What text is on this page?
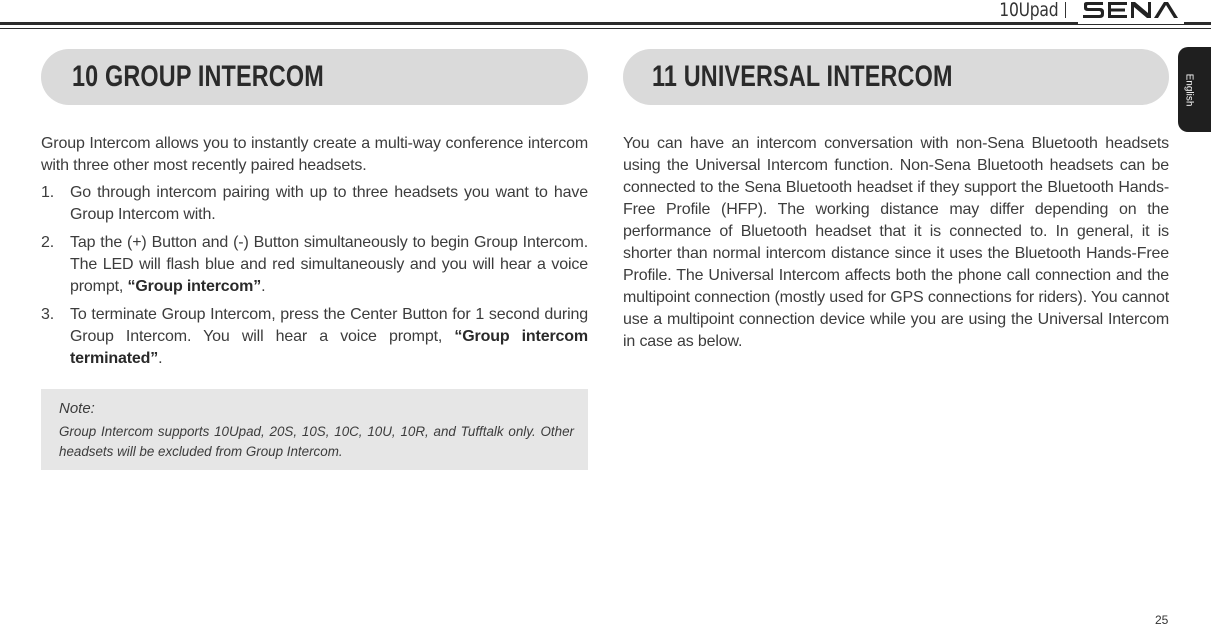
10Upad
English
10 GROUP INTERCOM

Group Intercom allows you to instantly create a multi-way conference intercom with three other most recently paired headsets.

1. Go through intercom pairing with up to three headsets you want to have Group Intercom with.
2. Tap the (+) Button and (-) Button simultaneously to begin Group Intercom. The LED will flash blue and red simultaneously and you will hear a voice prompt, “Group intercom”.
3. To terminate Group Intercom, press the Center Button for 1 second during Group Intercom. You will hear a voice prompt, “Group intercom terminated”.
Note:
Group Intercom supports 10Upad, 20S, 10S, 10C, 10U, 10R, and Tufftalk only. Other headsets will be excluded from Group Intercom.
11 UNIVERSAL INTERCOM

You can have an intercom conversation with non-Sena Bluetooth headsets using the Universal Intercom function. Non-Sena Bluetooth headsets can be connected to the Sena Bluetooth headset if they support the Bluetooth Hands-Free Profile (HFP). The working distance may differ depending on the performance of Bluetooth headset that it is connected to. In general, it is shorter than normal intercom distance since it uses the Bluetooth Hands-Free Profile. The Universal Intercom affects both the phone call connection and the multipoint connection (mostly used for GPS connections for riders). You cannot use a multipoint connection device while you are using the Universal Intercom in case as below.

25
